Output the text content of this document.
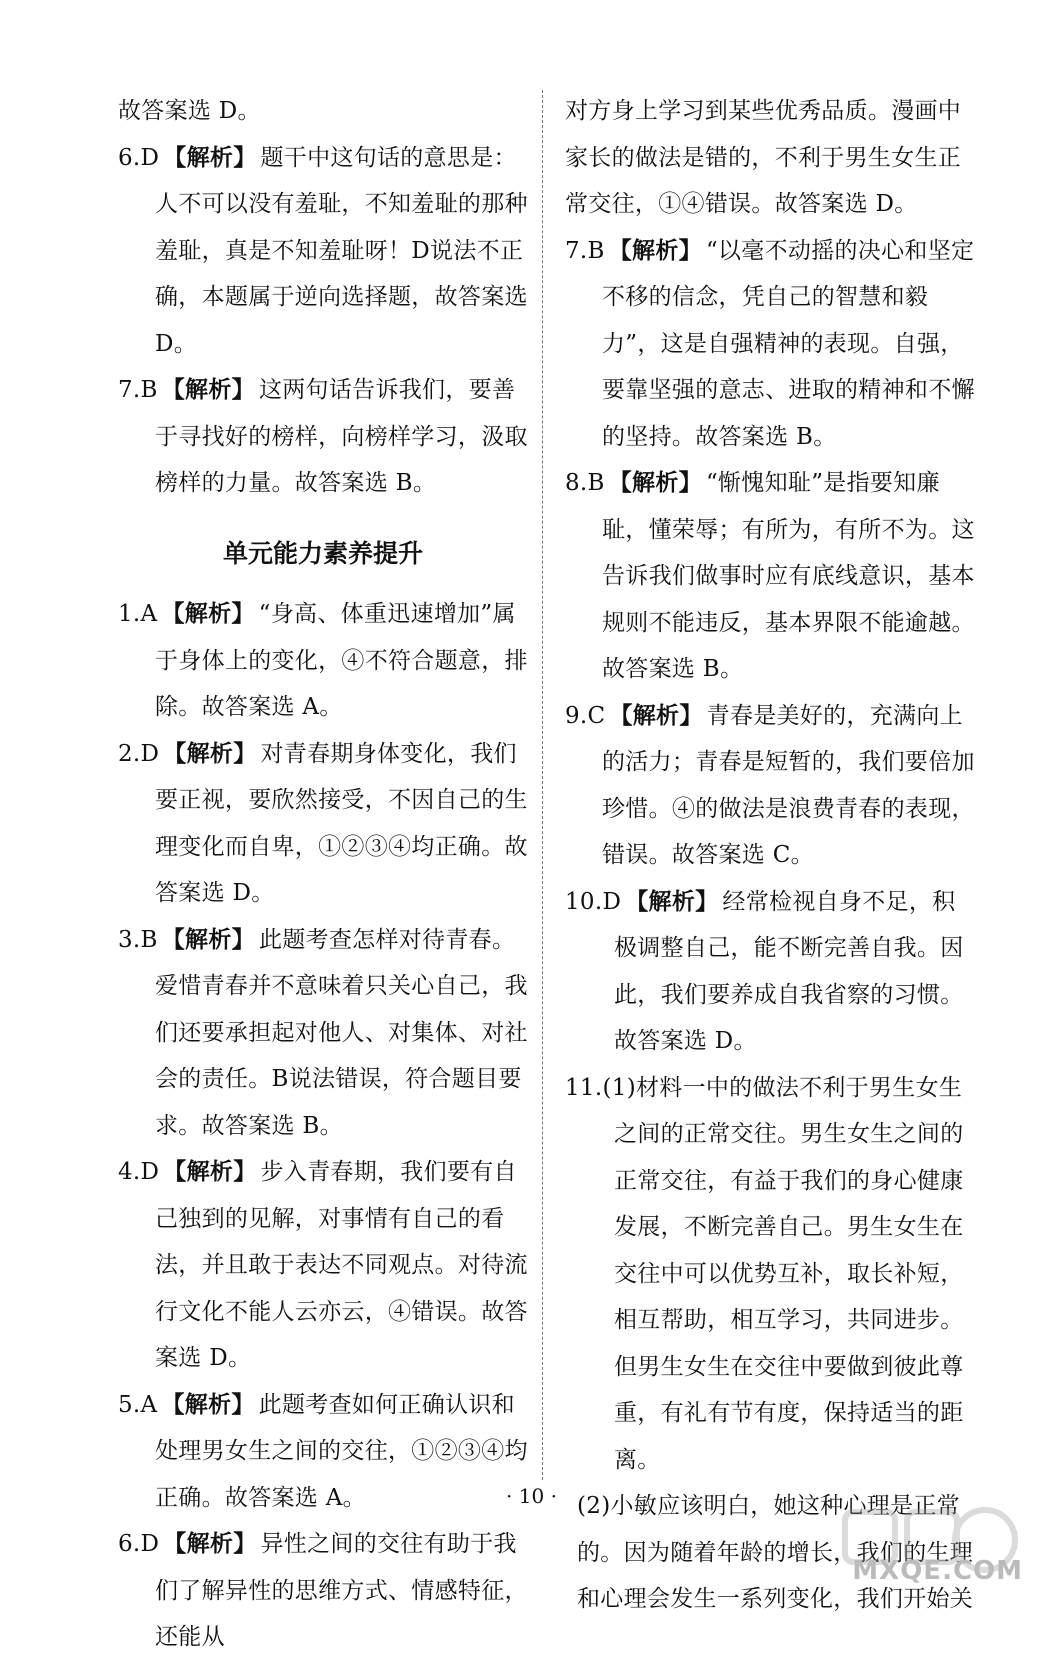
故答案选 D。
6.D 【解析】 题干中这句话的意思是：人不可以没有羞耻，不知羞耻的那种羞耻，真是不知羞耻呀！D说法不正确，本题属于逆向选择题，故答案选 D。
7.B 【解析】 这两句话告诉我们，要善于寻找好的榜样，向榜样学习，汲取榜样的力量。故答案选 B。
单元能力素养提升
1.A 【解析】 “身高、体重迅速增加”属于身体上的变化，④不符合题意，排除。故答案选 A。
2.D 【解析】 对青春期身体变化，我们要正视，要欣然接受，不因自己的生理变化而自卑，①②③④均正确。故答案选 D。
3.B 【解析】 此题考查怎样对待青春。爱惜青春并不意味着只关心自己，我们还要承担起对他人、对集体、对社会的责任。B说法错误，符合题目要求。故答案选 B。
4.D 【解析】 步入青春期，我们要有自己独到的见解，对事情有自己的看法，并且敢于表达不同观点。对待流行文化不能人云亦云，④错误。故答案选 D。
5.A 【解析】 此题考查如何正确认识和处理男女生之间的交往，①②③④均正确。故答案选 A。
6.D 【解析】 异性之间的交往有助于我们了解异性的思维方式、情感特征，还能从
对方身上学习到某些优秀品质。漫画中家长的做法是错的，不利于男生女生正常交往，①④错误。故答案选 D。
7.B 【解析】 “以毫不动摇的决心和坚定不移的信念，凭自己的智慧和毅力”，这是自强精神的表现。自强，要靠坚强的意志、进取的精神和不懈的坚持。故答案选 B。
8.B 【解析】 “惭愧知耻”是指要知廉耻，懂荣辱；有所为，有所不为。这告诉我们做事时应有底线意识，基本规则不能违反，基本界限不能逾越。故答案选 B。
9.C 【解析】 青春是美好的，充满向上的活力；青春是短暂的，我们要倍加珍惜。④的做法是浪费青春的表现，错误。故答案选 C。
10.D 【解析】 经常检视自身不足，积极调整自己，能不断完善自我。因此，我们要养成自我省察的习惯。故答案选 D。
11.(1)材料一中的做法不利于男生女生之间的正常交往。男生女生之间的正常交往，有益于我们的身心健康发展，不断完善自己。男生女生在交往中可以优势互补，取长补短，相互帮助，相互学习，共同进步。但男生女生在交往中要做到彼此尊重，有礼有节有度，保持适当的距离。
(2)小敏应该明白，她这种心理是正常的。因为随着年龄的增长，我们的生理和心理会发生一系列变化，我们开始关
· 10 ·
MXQE.COM
